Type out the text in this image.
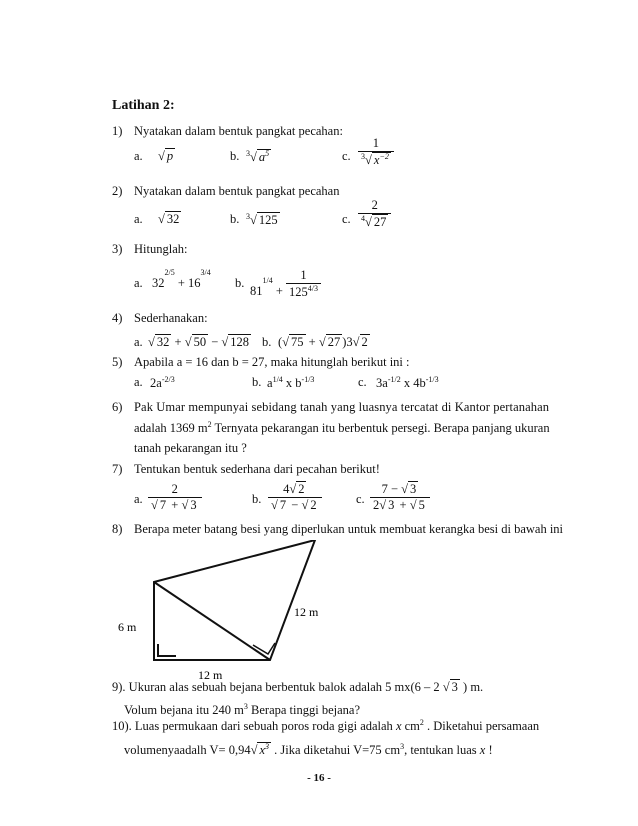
Latihan 2:
1) Nyatakan dalam bentuk pangkat pecahan:
a. √ p	b. $^3$√ $a^5$	c. $\frac{1}{^3√ x^{-2}}$
2) Nyatakan dalam bentuk pangkat pecahan
a. √ 32	b. $^3$√ 125	c. $\frac{2}{^4√ 27}$
3) Hitunglah:
a. 322/5 + 163/4
b.
$811/4 + \frac{1}{125^{4/3}}$
4) Sederhanakan:
a. √ 32 + √ 50 − √ 128 b. (√ 75 + √ 27 )3√ 2
5) Apabila a = 16 dan b = 27, maka hitunglah berikut ini :
a. $2a^{-2/3}$	b. $a^{1/4}$ x $b^{-1/3}$	c. $3a^{-1/2}$ x $4b^{-1/3}$
6) Pak Umar mempunyai sebidang tanah yang luasnya tercatat di Kantor pertanahan
adalah 1369 $m^2$ Ternyata pekarangan itu berbentuk persegi. Berapa panjang ukuran
tanah pekarangan itu ?
7) Tentukan bentuk sederhana dari pecahan berikut!
a. $\frac{2}{√ 7 + √ 3}$	b. $\frac{4√ 2}{√ 7 - √ 2}$	c. $\frac{7 - √ 3}{2√ 3 + √ 5}$
8) Berapa meter batang besi yang diperlukan untuk membuat kerangka besi di bawah ini
6 m
12 m
12 m
9). Ukuran alas sebuah bejana berbentuk balok adalah 5 mx(6 – 2 √ 3 ) m.
Volum bejana itu 240 $m^3$ Berapa tinggi bejana?
10). Luas permukaan dari sebuah poros roda gigi adalah x $cm^2$ . Diketahui persamaan
volumenyaadalh V= 0,94√ $x^3$ . Jika diketahui V=75 $cm^3$, tentukan luas x !
- 16 -
